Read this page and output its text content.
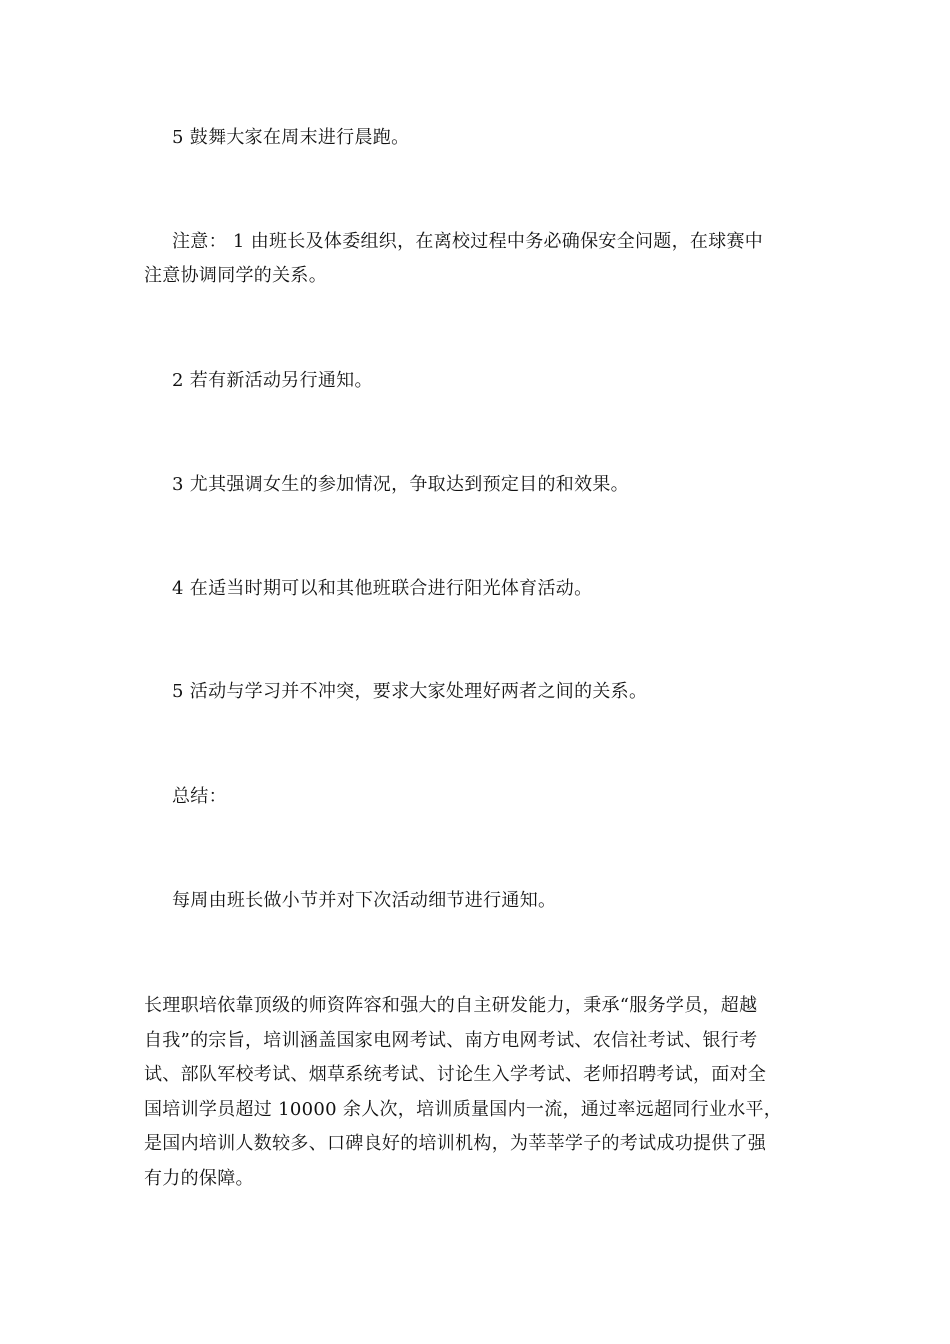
5 鼓舞大家在周末进行晨跑。
注意： 1 由班长及体委组织，在离校过程中务必确保安全问题，在球赛中
注意协调同学的关系。
2 若有新活动另行通知。
3 尤其强调女生的参加情况，争取达到预定目的和效果。
4 在适当时期可以和其他班联合进行阳光体育活动。
5 活动与学习并不冲突，要求大家处理好两者之间的关系。
总结：
每周由班长做小节并对下次活动细节进行通知。
长理职培依靠顶级的师资阵容和强大的自主研发能力，秉承“服务学员，超越
自我”的宗旨，培训涵盖国家电网考试、南方电网考试、农信社考试、银行考
试、部队军校考试、烟草系统考试、讨论生入学考试、老师招聘考试，面对全
国培训学员超过 10000 余人次，培训质量国内一流，通过率远超同行业水平，
是国内培训人数较多、口碑良好的培训机构，为莘莘学子的考试成功提供了强
有力的保障。
